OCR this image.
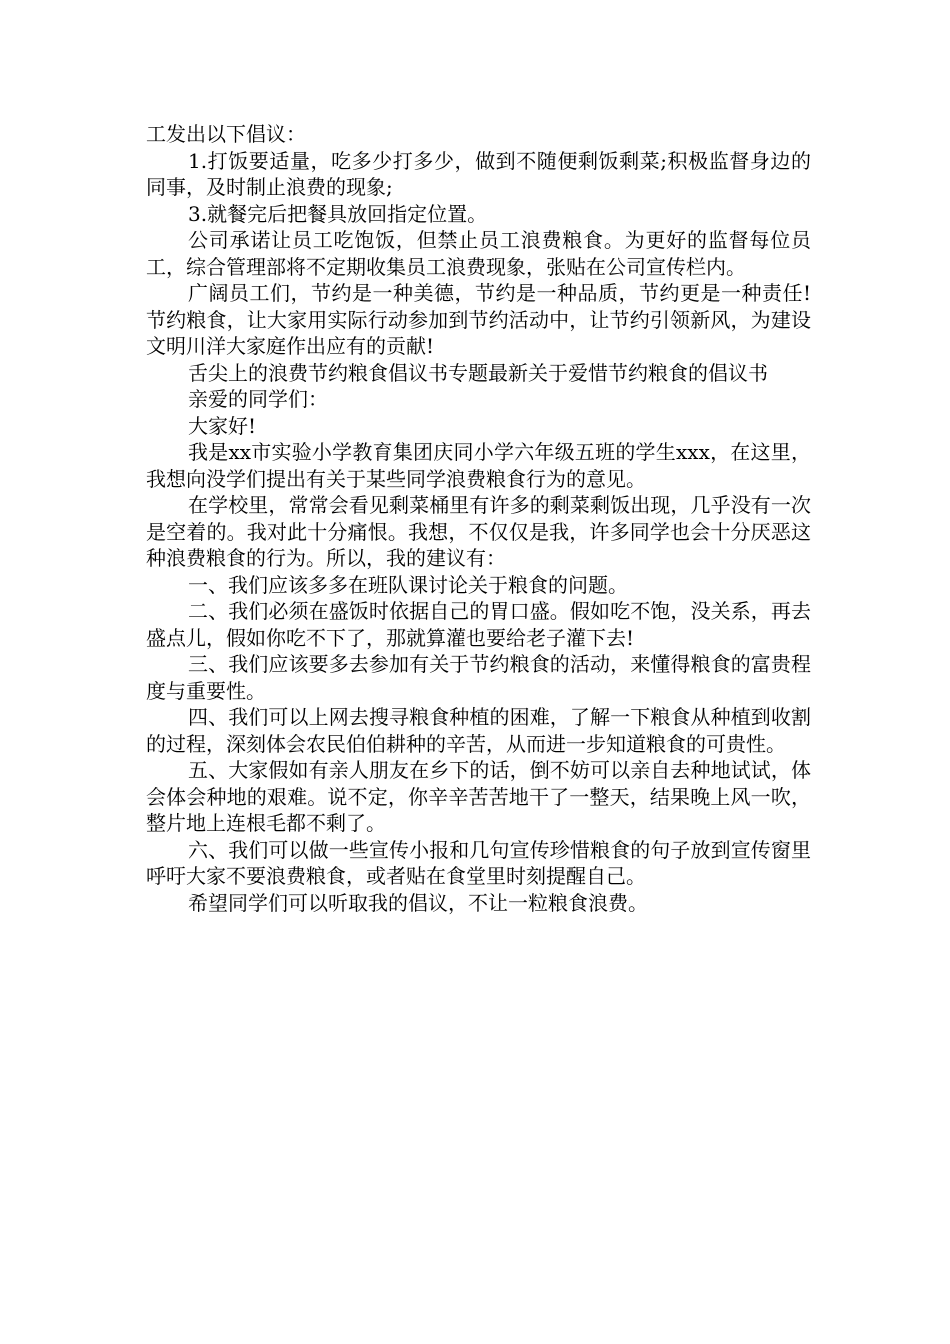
工发出以下倡议：

1.打饭要适量，吃多少打多少，做到不随便剩饭剩菜;积极监督身边的同事，及时制止浪费的现象;

3.就餐完后把餐具放回指定位置。

公司承诺让员工吃饱饭，但禁止员工浪费粮食。为更好的监督每位员工，综合管理部将不定期收集员工浪费现象，张贴在公司宣传栏内。

广阔员工们，节约是一种美德，节约是一种品质，节约更是一种责任!节约粮食，让大家用实际行动参加到节约活动中，让节约引领新风，为建设文明川洋大家庭作出应有的贡献!

舌尖上的浪费节约粮食倡议书专题最新关于爱惜节约粮食的倡议书

亲爱的同学们：

大家好!

我是xx市实验小学教育集团庆同小学六年级五班的学生xxx，在这里，我想向没学们提出有关于某些同学浪费粮食行为的意见。

在学校里，常常会看见剩菜桶里有许多的剩菜剩饭出现，几乎没有一次是空着的。我对此十分痛恨。我想，不仅仅是我，许多同学也会十分厌恶这种浪费粮食的行为。所以，我的建议有：

一、我们应该多多在班队课讨论关于粮食的问题。

二、我们必须在盛饭时依据自己的胃口盛。假如吃不饱，没关系，再去盛点儿，假如你吃不下了，那就算灌也要给老子灌下去!

三、我们应该要多去参加有关于节约粮食的活动，来懂得粮食的富贵程度与重要性。

四、我们可以上网去搜寻粮食种植的困难，了解一下粮食从种植到收割的过程，深刻体会农民伯伯耕种的辛苦，从而进一步知道粮食的可贵性。

五、大家假如有亲人朋友在乡下的话，倒不妨可以亲自去种地试试，体会体会种地的艰难。说不定，你辛辛苦苦地干了一整天，结果晚上风一吹，整片地上连根毛都不剩了。

六、我们可以做一些宣传小报和几句宣传珍惜粮食的句子放到宣传窗里呼吁大家不要浪费粮食，或者贴在食堂里时刻提醒自己。

希望同学们可以听取我的倡议，不让一粒粮食浪费。
